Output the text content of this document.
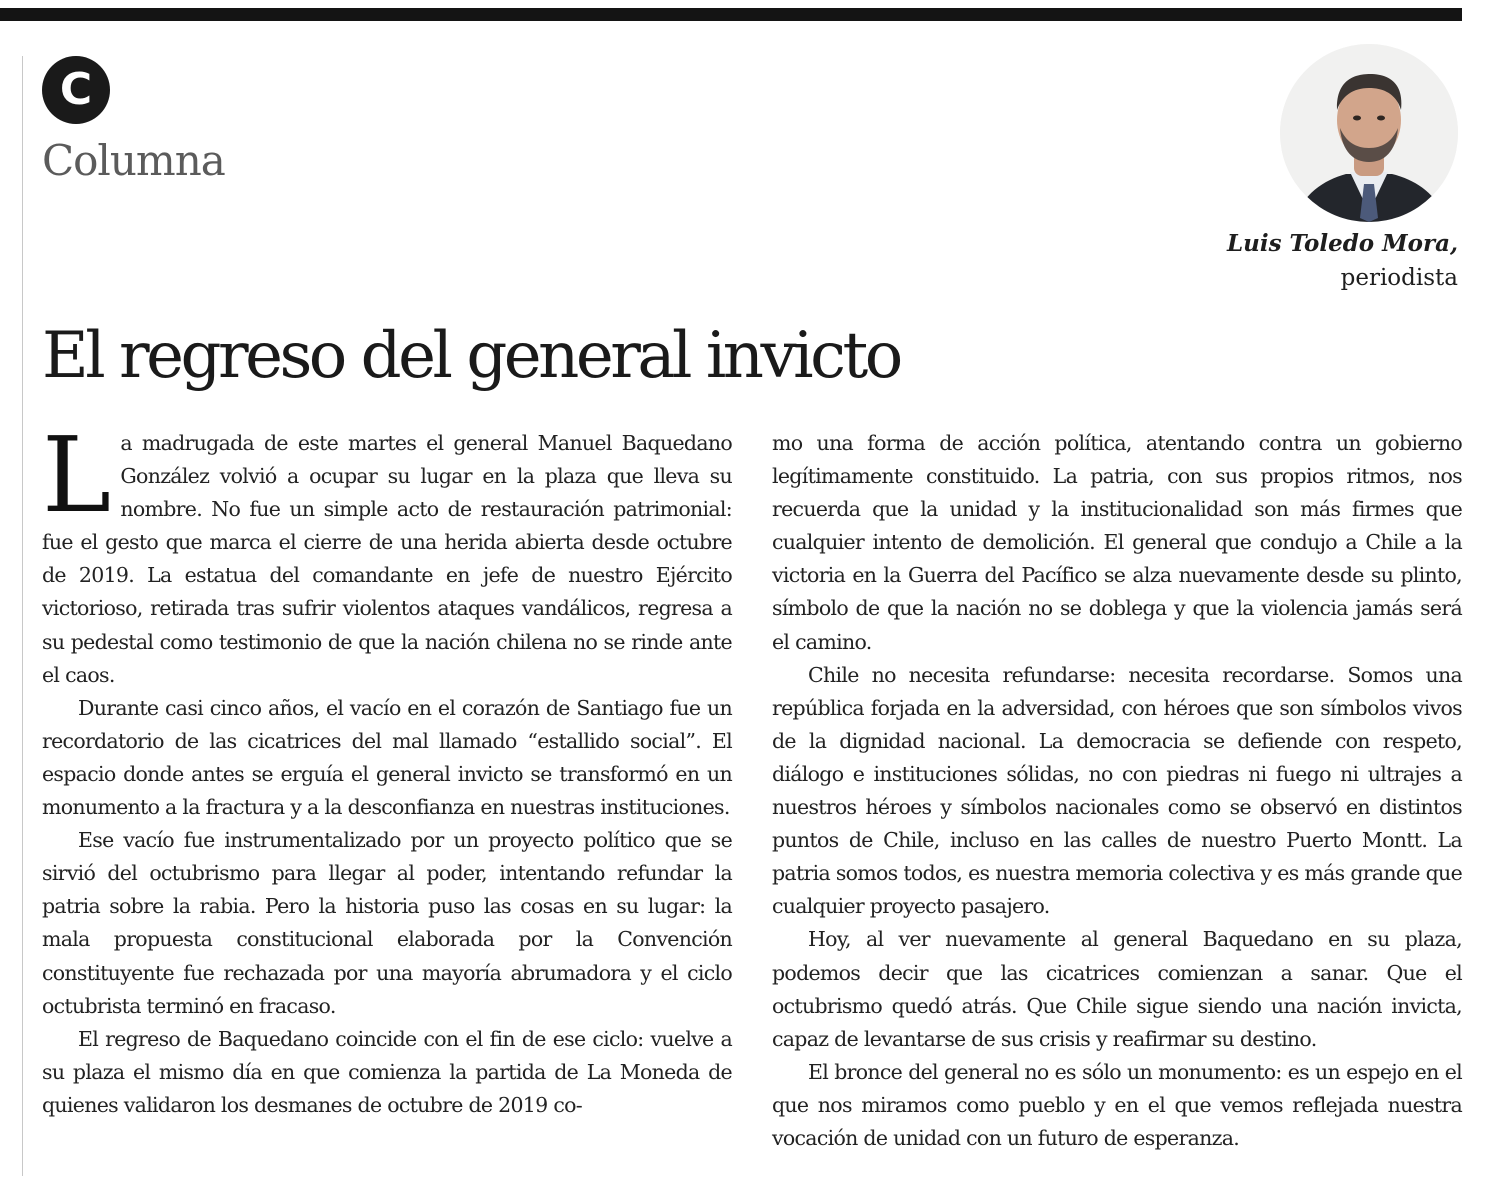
C
Columna
Luis Toledo Mora,
periodista
El regreso del general invicto

La madrugada de este martes el general Manuel Baquedano González volvió a ocupar su lugar en la plaza que lleva su nombre. No fue un simple acto de restauración patrimonial: fue el gesto que marca el cierre de una herida abierta desde octubre de 2019. La estatua del comandante en jefe de nuestro Ejército victorioso, retirada tras sufrir violentos ataques vandálicos, regresa a su pedestal como testimonio de que la nación chilena no se rinde ante el caos.

Durante casi cinco años, el vacío en el corazón de Santiago fue un recordatorio de las cicatrices del mal llamado “estallido social”. El espacio donde antes se erguía el general invicto se transformó en un monumento a la fractura y a la desconfianza en nuestras instituciones.

Ese vacío fue instrumentalizado por un proyecto político que se sirvió del octubrismo para llegar al poder, intentando refundar la patria sobre la rabia. Pero la historia puso las cosas en su lugar: la mala propuesta constitucional elaborada por la Convención constituyente fue rechazada por una mayoría abrumadora y el ciclo octubrista terminó en fracaso.

El regreso de Baquedano coincide con el fin de ese ciclo: vuelve a su plaza el mismo día en que comienza la partida de La Moneda de quienes validaron los desmanes de octubre de 2019 co-

mo una forma de acción política, atentando contra un gobierno legítimamente constituido. La patria, con sus propios ritmos, nos recuerda que la unidad y la institucionalidad son más firmes que cualquier intento de demolición. El general que condujo a Chile a la victoria en la Guerra del Pacífico se alza nuevamente desde su plinto, símbolo de que la nación no se doblega y que la violencia jamás será el camino.

Chile no necesita refundarse: necesita recordarse. Somos una república forjada en la adversidad, con héroes que son símbolos vivos de la dignidad nacional. La democracia se defiende con respeto, diálogo e instituciones sólidas, no con piedras ni fuego ni ultrajes a nuestros héroes y símbolos nacionales como se observó en distintos puntos de Chile, incluso en las calles de nuestro Puerto Montt. La patria somos todos, es nuestra memoria colectiva y es más grande que cualquier proyecto pasajero.

Hoy, al ver nuevamente al general Baquedano en su plaza, podemos decir que las cicatrices comienzan a sanar. Que el octubrismo quedó atrás. Que Chile sigue siendo una nación invicta, capaz de levantarse de sus crisis y reafirmar su destino.

El bronce del general no es sólo un monumento: es un espejo en el que nos miramos como pueblo y en el que vemos reflejada nuestra vocación de unidad con un futuro de esperanza.
